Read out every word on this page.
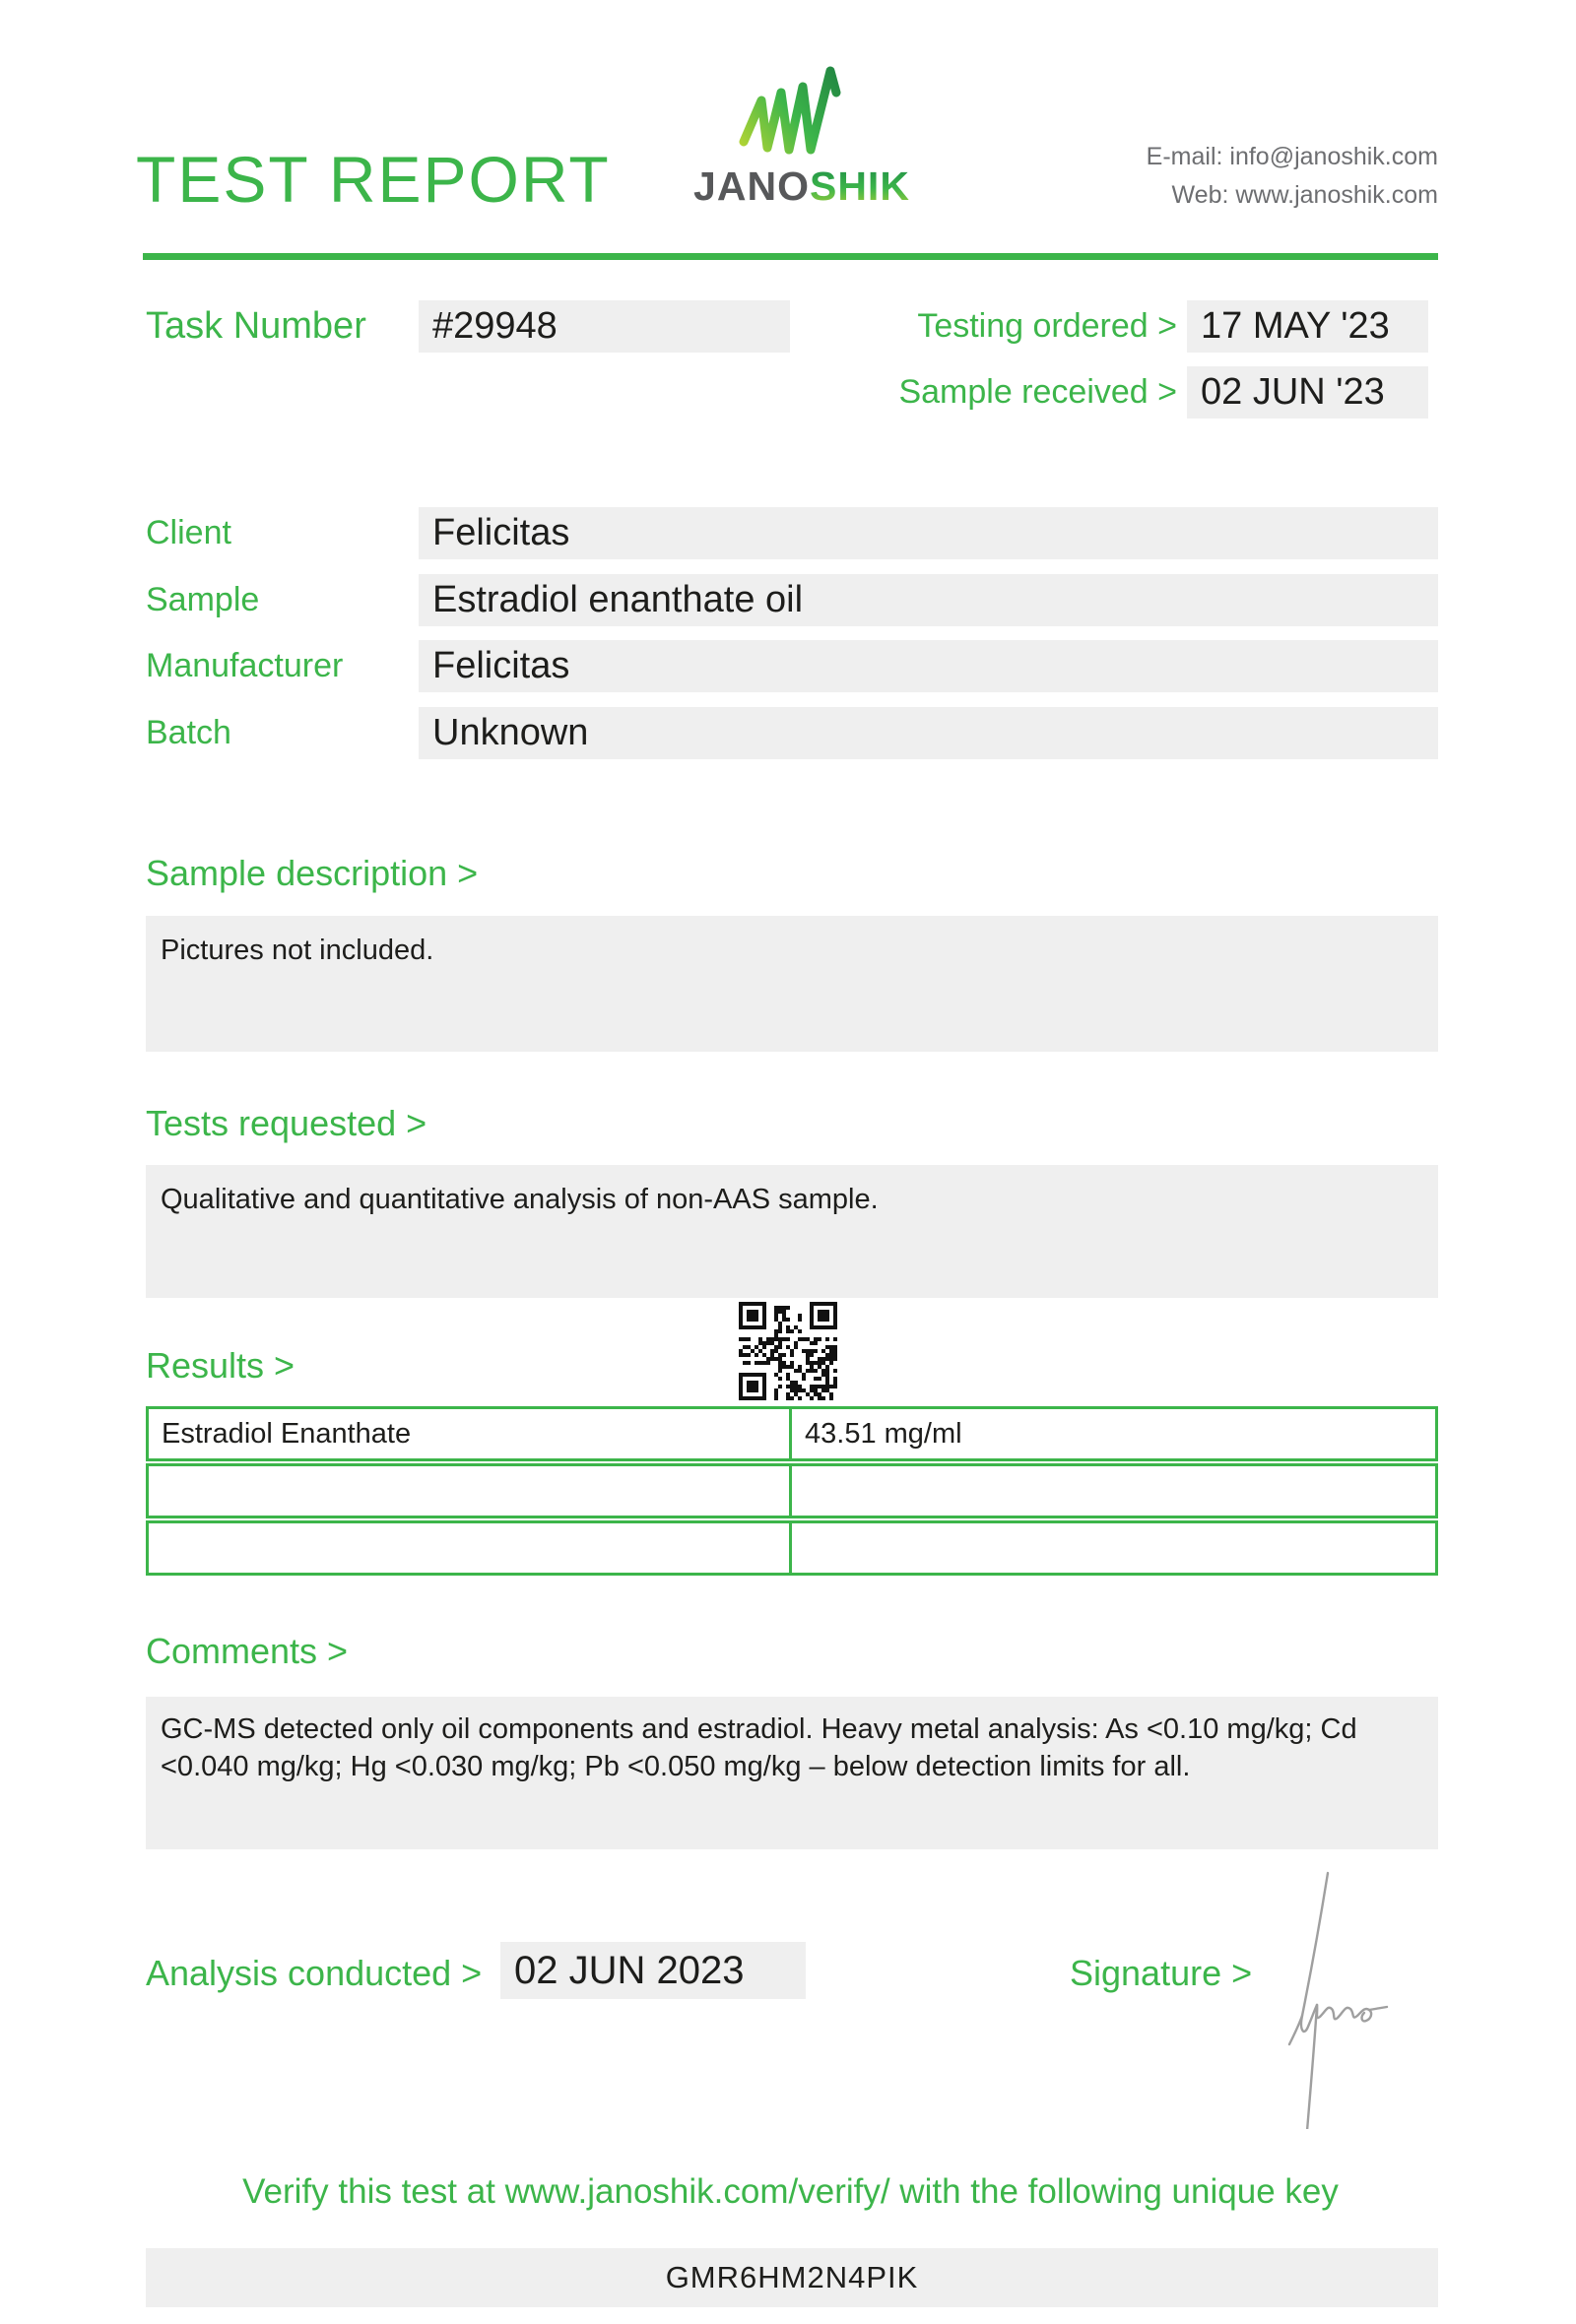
TEST REPORT	JANOSHIK
E-mail: info@janoshik.com
Web: www.janoshik.com
Task Number	#29948	Testing ordered > 17 MAY '23
Sample received > 02 JUN '23
Client	Felicitas
Sample	Estradiol enanthate oil
Manufacturer	Felicitas
Batch	Unknown
Sample description >
Pictures not included.
Tests requested >
Qualitative and quantitative analysis of non-AAS sample.
Results >
Estradiol Enanthate	43.51 mg/ml
Comments >
GC-MS detected only oil components and estradiol. Heavy metal analysis: As <0.10 mg/kg; Cd <0.040 mg/kg; Hg <0.030 mg/kg; Pb <0.050 mg/kg – below detection limits for all.
Analysis conducted > 02 JUN 2023	Signature >
Verify this test at www.janoshik.com/verify/ with the following unique key
GMR6HM2N4PIK
